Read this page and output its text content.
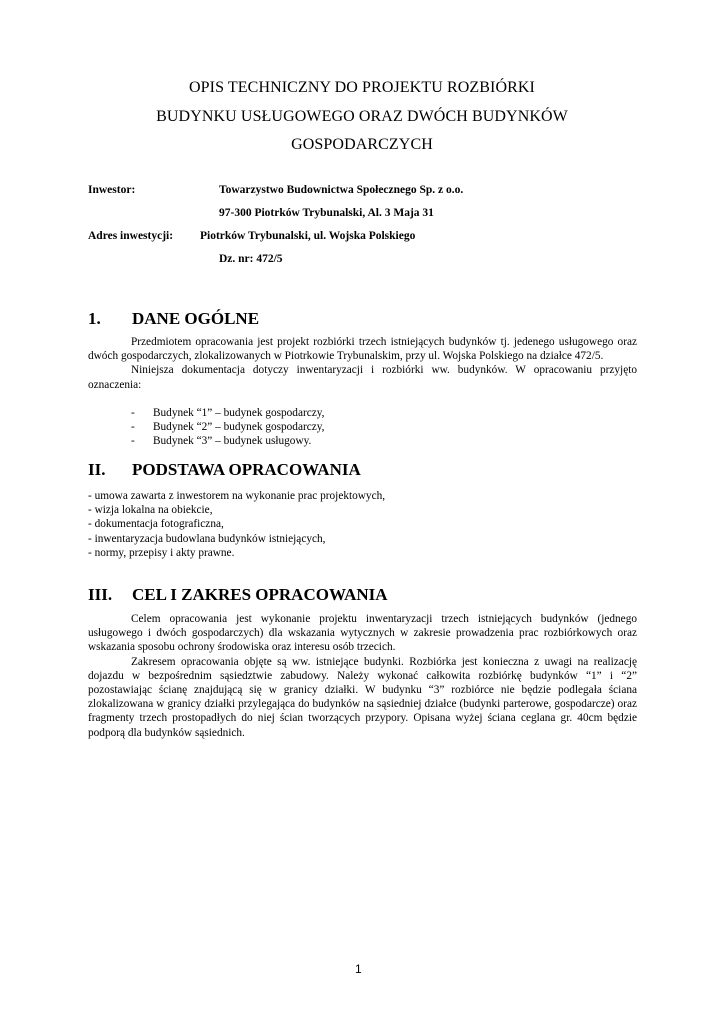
OPIS TECHNICZNY DO PROJEKTU ROZBIÓRKI
BUDYNKU USŁUGOWEGO ORAZ DWÓCH BUDYNKÓW
GOSPODARCZYCH
Inwestor:	Towarzystwo Budownictwa Społecznego Sp. z o.o.
97-300 Piotrków Trybunalski, Al. 3 Maja 31
Adres inwestycji: Piotrków Trybunalski, ul. Wojska Polskiego
Dz. nr: 472/5
1. DANE OGÓLNE

Przedmiotem opracowania jest projekt rozbiórki trzech istniejących budynków tj. jedenego usługowego oraz dwóch gospodarczych, zlokalizowanych w Piotrkowie Trybunalskim, przy ul. Wojska Polskiego na działce 472/5.

Niniejsza dokumentacja dotyczy inwentaryzacji i rozbiórki ww. budynków. W opracowaniu przyjęto oznaczenia:

- Budynek “1” – budynek gospodarczy,
- Budynek “2” – budynek gospodarczy,
- Budynek “3” – budynek usługowy.
II. PODSTAWA OPRACOWANIA
- umowa zawarta z inwestorem na wykonanie prac projektowych,
- wizja lokalna na obiekcie,
- dokumentacja fotograficzna,
- inwentaryzacja budowlana budynków istniejących,
- normy, przepisy i akty prawne.
III. CEL I ZAKRES OPRACOWANIA

Celem opracowania jest wykonanie projektu inwentaryzacji trzech istniejących budynków (jednego usługowego i dwóch gospodarczych) dla wskazania wytycznych w zakresie prowadzenia prac rozbiórkowych oraz wskazania sposobu ochrony środowiska oraz interesu osób trzecich.

Zakresem opracowania objęte są ww. istniejące budynki. Rozbiórka jest konieczna z uwagi na realizację dojazdu w bezpośrednim sąsiedztwie zabudowy. Należy wykonać całkowita rozbiórkę budynków “1” i “2” pozostawiając ścianę znajdującą się w granicy działki. W budynku “3” rozbiórce nie będzie podlegała ściana zlokalizowana w granicy działki przylegająca do budynków na sąsiedniej działce (budynki parterowe, gospodarcze) oraz fragmenty trzech prostopadłych do niej ścian tworzących przypory. Opisana wyżej ściana ceglana gr. 40cm będzie podporą dla budynków sąsiednich.

1
